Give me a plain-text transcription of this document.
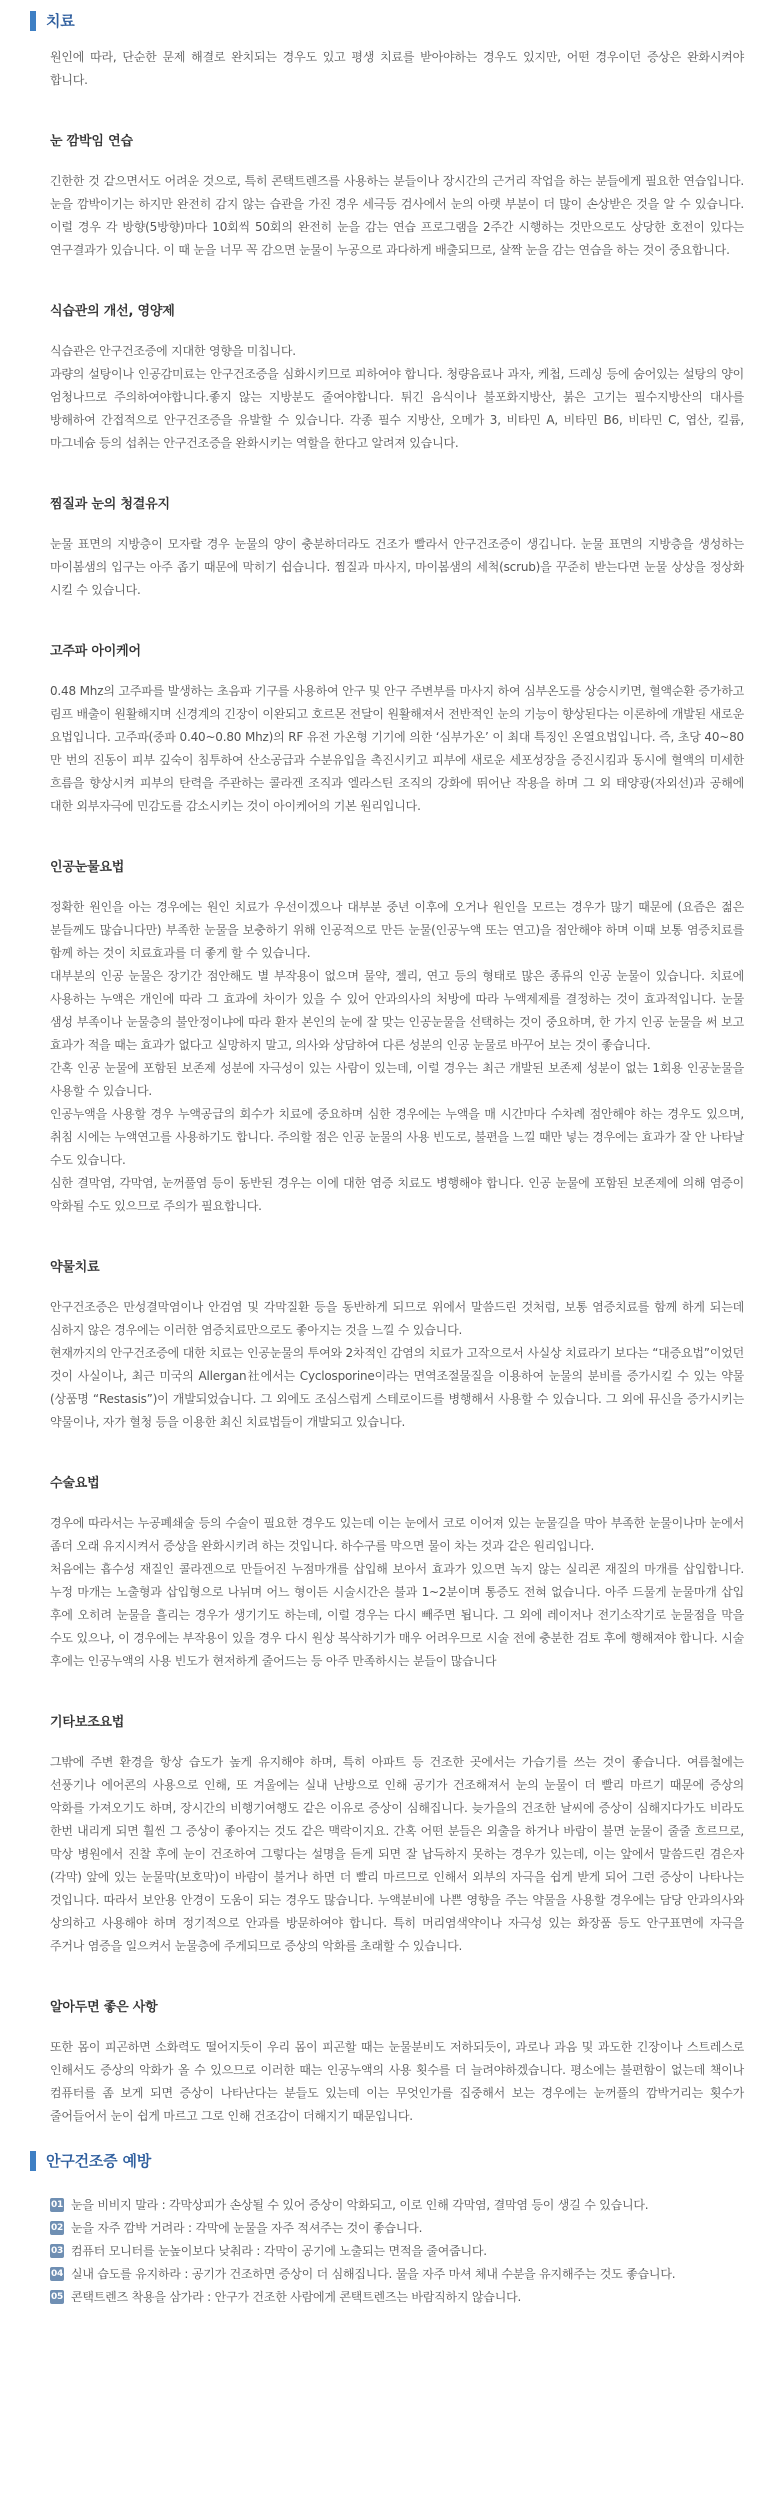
치료

원인에 따라, 단순한 문제 해결로 완치되는 경우도 있고 평생 치료를 받아야하는 경우도 있지만, 어떤 경우이던 증상은 완화시켜야 합니다.

눈 깜박임 연습

긴한한 것 같으면서도 어려운 것으로, 특히 콘택트렌즈를 사용하는 분들이나 장시간의 근거리 작업을 하는 분들에게 필요한 연습입니다. 눈을 깜박이기는 하지만 완전히 감지 않는 습관을 가진 경우 세극등 검사에서 눈의 아랫 부분이 더 많이 손상받은 것을 알 수 있습니다. 이럴 경우 각 방향(5방향)마다 10회씩 50회의 완전히 눈을 감는 연습 프로그램을 2주간 시행하는 것만으로도 상당한 호전이 있다는 연구결과가 있습니다. 이 때 눈을 너무 꼭 감으면 눈물이 누공으로 과다하게 배출되므로, 살짝 눈을 감는 연습을 하는 것이 중요합니다.

식습관의 개선, 영양제

식습관은 안구건조증에 지대한 영향을 미칩니다.

과량의 설탕이나 인공감미료는 안구건조증을 심화시키므로 피하여야 합니다. 청량음료나 과자, 케첩, 드레싱 등에 숨어있는 설탕의 양이 엄청나므로 주의하여야합니다.좋지 않는 지방분도 줄여야합니다. 튀긴 음식이나 불포화지방산, 붉은 고기는 필수지방산의 대사를 방해하여 간접적으로 안구건조증을 유발할 수 있습니다. 각종 필수 지방산, 오메가 3, 비타민 A, 비타민 B6, 비타민 C, 엽산, 킬륨, 마그네슘 등의 섭취는 안구건조증을 완화시키는 역할을 한다고 알려져 있습니다.

찜질과 눈의 청결유지

눈물 표면의 지방층이 모자랄 경우 눈물의 양이 충분하더라도 건조가 빨라서 안구건조증이 생깁니다. 눈물 표면의 지방층을 생성하는 마이봄샘의 입구는 아주 좁기 때문에 막히기 쉽습니다. 찜질과 마사지, 마이봄샘의 세척(scrub)을 꾸준히 받는다면 눈물 상상을 정상화 시킬 수 있습니다.

고주파 아이케어

0.48 Mhz의 고주파를 발생하는 초음파 기구를 사용하여 안구 및 안구 주변부를 마사지 하여 심부온도를 상승시키면, 혈액순환 증가하고 림프 배출이 원활해지며 신경계의 긴장이 이완되고 호르몬 전달이 원활해져서 전반적인 눈의 기능이 향상된다는 이론하에 개발된 새로운 요법입니다. 고주파(중파 0.40~0.80 Mhz)의 RF 유전 가온형 기기에 의한 ‘심부가온’ 이 최대 특징인 온열요법입니다. 즉, 초당 40~80 만 번의 진동이 피부 깊숙이 침투하여 산소공급과 수분유입을 촉진시키고 피부에 새로운 세포성장을 증진시킴과 동시에 혈액의 미세한 흐름을 향상시켜 피부의 탄력을 주관하는 콜라겐 조직과 엘라스틴 조직의 강화에 뛰어난 작용을 하며 그 외 태양광(자외선)과 공해에 대한 외부자극에 민감도를 감소시키는 것이 아이케어의 기본 원리입니다.

인공눈물요법

정확한 원인을 아는 경우에는 원인 치료가 우선이겠으나 대부분 중년 이후에 오거나 원인을 모르는 경우가 많기 때문에 (요즘은 젊은 분들께도 많습니다만) 부족한 눈물을 보충하기 위해 인공적으로 만든 눈물(인공누액 또는 연고)을 점안해야 하며 이때 보통 염증치료를 함께 하는 것이 치료효과를 더 좋게 할 수 있습니다.

대부분의 인공 눈물은 장기간 점안해도 별 부작용이 없으며 물약, 젤리, 연고 등의 형태로 많은 종류의 인공 눈물이 있습니다. 치료에 사용하는 누액은 개인에 따라 그 효과에 차이가 있을 수 있어 안과의사의 처방에 따라 누액제제를 결정하는 것이 효과적입니다. 눈물 샘성 부족이나 눈물층의 불안정이냐에 따라 환자 본인의 눈에 잘 맞는 인공눈물을 선택하는 것이 중요하며, 한 가지 인공 눈물을 써 보고 효과가 적을 때는 효과가 없다고 실망하지 말고, 의사와 상담하여 다른 성분의 인공 눈물로 바꾸어 보는 것이 좋습니다.

간혹 인공 눈물에 포함된 보존제 성분에 자극성이 있는 사람이 있는데, 이럴 경우는 최근 개발된 보존제 성분이 없는 1회용 인공눈물을 사용할 수 있습니다.

인공누액을 사용할 경우 누액공급의 회수가 치료에 중요하며 심한 경우에는 누액을 매 시간마다 수차례 점안해야 하는 경우도 있으며, 취침 시에는 누액연고를 사용하기도 합니다. 주의할 점은 인공 눈물의 사용 빈도로, 불편을 느낄 때만 넣는 경우에는 효과가 잘 안 나타날 수도 있습니다.

심한 결막염, 각막염, 눈꺼풀염 등이 동반된 경우는 이에 대한 염증 치료도 병행해야 합니다. 인공 눈물에 포함된 보존제에 의해 염증이 악화될 수도 있으므로 주의가 필요합니다.

약물치료

안구건조증은 만성결막염이나 안검염 및 각막질환 등을 동반하게 되므로 위에서 말씀드린 것처럼, 보통 염증치료를 함께 하게 되는데 심하지 않은 경우에는 이러한 염증치료만으로도 좋아지는 것을 느낄 수 있습니다.

현재까지의 안구건조증에 대한 치료는 인공눈물의 투여와 2차적인 감염의 치료가 고작으로서 사실상 치료라기 보다는 “대증요법”이었던 것이 사실이나, 최근 미국의 Allergan社에서는 Cyclosporine이라는 면역조절물질을 이용하여 눈물의 분비를 증가시킬 수 있는 약물(상품명 “Restasis”)이 개발되었습니다. 그 외에도 조심스럽게 스테로이드를 병행해서 사용할 수 있습니다. 그 외에 뮤신을 증가시키는 약물이나, 자가 혈청 등을 이용한 최신 치료법들이 개발되고 있습니다.

수술요법

경우에 따라서는 누공폐쇄술 등의 수술이 필요한 경우도 있는데 이는 눈에서 코로 이어져 있는 눈물길을 막아 부족한 눈물이나마 눈에서 좀더 오래 유지시켜서 증상을 완화시키려 하는 것입니다. 하수구를 막으면 물이 차는 것과 같은 원리입니다.

처음에는 흡수성 재질인 콜라겐으로 만들어진 누점마개를 삽입해 보아서 효과가 있으면 녹지 않는 실리콘 재질의 마개를 삽입합니다. 누정 마개는 노출형과 삽입형으로 나뉘며 어느 형이든 시술시간은 불과 1~2분이며 통증도 전혀 없습니다. 아주 드물게 눈물마개 삽입 후에 오히려 눈물을 흘리는 경우가 생기기도 하는데, 이럴 경우는 다시 빼주면 됩니다. 그 외에 레이저나 전기소작기로 눈물점을 막을 수도 있으나, 이 경우에는 부작용이 있을 경우 다시 원상 복삭하기가 매우 어려우므로 시술 전에 충분한 검토 후에 행해져야 합니다. 시술 후에는 인공누액의 사용 빈도가 현저하게 줄어드는 등 아주 만족하시는 분들이 많습니다

기타보조요법

그밖에 주변 환경을 항상 습도가 높게 유지해야 하며, 특히 아파트 등 건조한 곳에서는 가습기를 쓰는 것이 좋습니다. 여름철에는 선풍기나 에어콘의 사용으로 인해, 또 겨울에는 실내 난방으로 인해 공기가 건조해져서 눈의 눈물이 더 빨리 마르기 때문에 증상의 악화를 가져오기도 하며, 장시간의 비행기여행도 같은 이유로 증상이 심해집니다. 늦가을의 건조한 날씨에 증상이 심해지다가도 비라도 한번 내리게 되면 훨씬 그 증상이 좋아지는 것도 같은 맥락이지요. 간혹 어떤 분들은 외출을 하거나 바람이 불면 눈물이 줄줄 흐르므로, 막상 병원에서 진찰 후에 눈이 건조하여 그렇다는 설명을 듣게 되면 잘 납득하지 못하는 경우가 있는데, 이는 앞에서 말씀드린 겸은자(각막) 앞에 있는 눈물막(보호막)이 바람이 불거나 하면 더 빨리 마르므로 인해서 외부의 자극을 쉽게 받게 되어 그런 증상이 나타나는 것입니다. 따라서 보안용 안경이 도움이 되는 경우도 많습니다. 누액분비에 나쁜 영향을 주는 약물을 사용할 경우에는 담당 안과의사와 상의하고 사용해야 하며 정기적으로 안과를 방문하여야 합니다. 특히 머리염색약이나 자극성 있는 화장품 등도 안구표면에 자극을 주거나 염증을 일으켜서 눈물층에 주게되므로 증상의 악화를 초래할 수 있습니다.

알아두면 좋은 사항

또한 몸이 피곤하면 소화력도 떨어지듯이 우리 몸이 피곤할 때는 눈물분비도 저하되듯이, 과로나 과음 및 과도한 긴장이나 스트레스로 인해서도 증상의 악화가 올 수 있으므로 이러한 때는 인공누액의 사용 횟수를 더 늘려야하겠습니다. 평소에는 불편함이 없는데 책이나 컴퓨터를 좀 보게 되면 증상이 나타난다는 분들도 있는데 이는 무엇인가를 집중해서 보는 경우에는 눈꺼풀의 깜박거리는 횟수가 줄어들어서 눈이 쉽게 마르고 그로 인해 건조감이 더해지기 때문입니다.

안구건조증 예방
01 눈을 비비지 말라 : 각막상피가 손상될 수 있어 증상이 악화되고, 이로 인해 각막염, 결막염 등이 생길 수 있습니다.
02 눈을 자주 깜박 거려라 : 각막에 눈물을 자주 적셔주는 것이 좋습니다.
03 컴퓨터 모니터를 눈높이보다 낮춰라 : 각막이 공기에 노출되는 면적을 줄여줍니다.
04 실내 습도를 유지하라 : 공기가 건조하면 증상이 더 심해집니다. 물을 자주 마셔 체내 수분을 유지해주는 것도 좋습니다.
05 콘택트렌즈 착용을 삼가라 : 안구가 건조한 사람에게 콘택트렌즈는 바람직하지 않습니다.
